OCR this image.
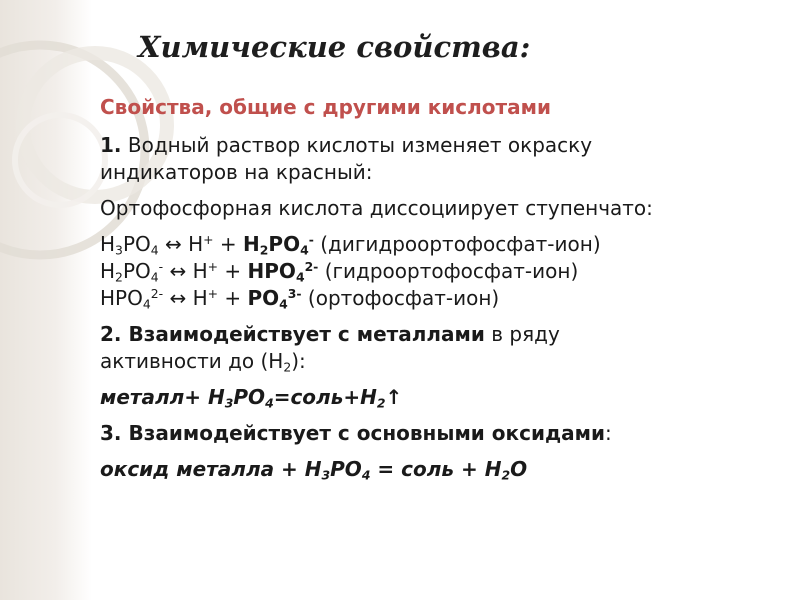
Химические свойства:
Свойства, общие с другими кислотами
1. Водный раствор кислоты изменяет окраску
индикаторов на красный:
Ортофосфорная кислота диссоциирует ступенчато:
$H_3PO_4$ ↔ $H^+ + H_2PO_4^-$ (дигидроортофосфат-ион)
$H_2PO_4^-$ ↔ $H^+ + HPO_4^{2-}$ (гидроортофосфат-ион)
$HPO_4^{2-}$ ↔ $H^+ + PO_4^{3-}$ (ортофосфат-ион)
2. Взаимодействует с металлами в ряду
активности до $(Н_2)$:
металл+ $Н_3РО_4=соль+Н_2↑$
3. Взаимодействует с основными оксидами:
оксид металла + $Н_3РО_4$ = соль + $Н_2О$
